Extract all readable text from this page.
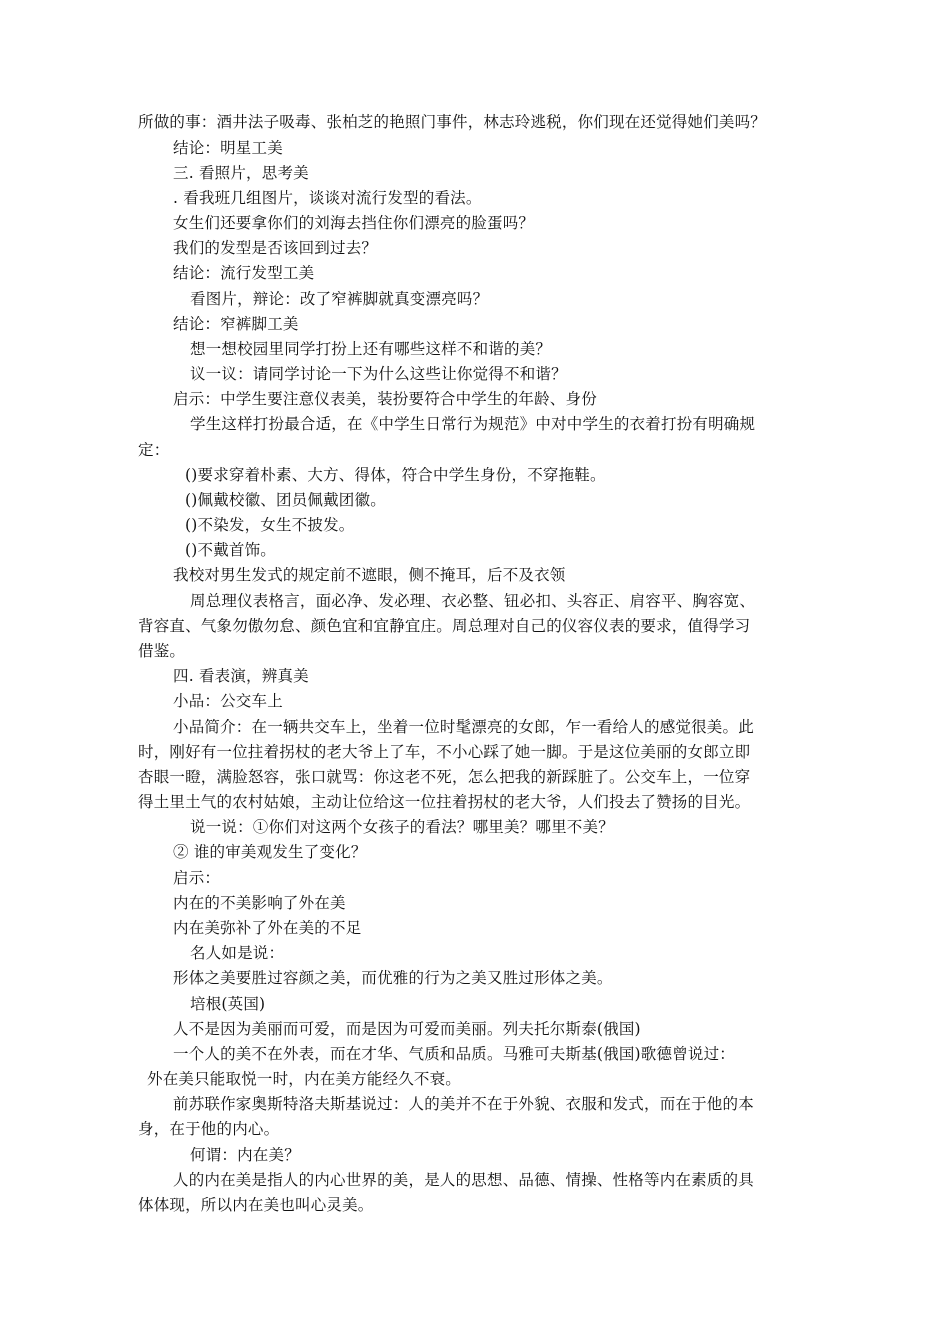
所做的事：酒井法子吸毒、张柏芝的艳照门事件，林志玲逃税，你们现在还觉得她们美吗？
结论：明星工美
三. 看照片，思考美
. 看我班几组图片，谈谈对流行发型的看法。
女生们还要拿你们的刘海去挡住你们漂亮的脸蛋吗？
我们的发型是否该回到过去？
结论：流行发型工美
看图片，辩论：改了窄裤脚就真变漂亮吗？
结论：窄裤脚工美
想一想校园里同学打扮上还有哪些这样不和谐的美？
议一议：请同学讨论一下为什么这些让你觉得不和谐？
启示：中学生要注意仪表美，装扮要符合中学生的年龄、身份
学生这样打扮最合适，在《中学生日常行为规范》中对中学生的衣着打扮有明确规
定：
()要求穿着朴素、大方、得体，符合中学生身份，不穿拖鞋。
()佩戴校徽、团员佩戴团徽。
()不染发，女生不披发。
()不戴首饰。
我校对男生发式的规定前不遮眼，侧不掩耳，后不及衣领
周总理仪表格言，面必净、发必理、衣必整、钮必扣、头容正、肩容平、胸容宽、
背容直、气象勿傲勿怠、颜色宜和宜静宜庄。周总理对自己的仪容仪表的要求，值得学习
借鉴。
四. 看表演，辨真美
小品：公交车上
小品简介：在一辆共交车上，坐着一位时髦漂亮的女郎，乍一看给人的感觉很美。此
时，刚好有一位拄着拐杖的老大爷上了车，不小心踩了她一脚。于是这位美丽的女郎立即
杏眼一瞪，满脸怒容，张口就骂：你这老不死，怎么把我的新踩脏了。公交车上，一位穿
得土里土气的农村姑娘，主动让位给这一位拄着拐杖的老大爷，人们投去了赞扬的目光。
说一说：①你们对这两个女孩子的看法？哪里美？哪里不美？
② 谁的审美观发生了变化？
启示：
内在的不美影响了外在美
内在美弥补了外在美的不足
名人如是说：
形体之美要胜过容颜之美，而优雅的行为之美又胜过形体之美。
培根(英国)
人不是因为美丽而可爱，而是因为可爱而美丽。列夫托尔斯泰(俄国)
一个人的美不在外表，而在才华、气质和品质。马雅可夫斯基(俄国)歌德曾说过：
外在美只能取悦一时，内在美方能经久不衰。
前苏联作家奥斯特洛夫斯基说过：人的美并不在于外貌、衣服和发式，而在于他的本
身，在于他的内心。
何谓：内在美？
人的内在美是指人的内心世界的美，是人的思想、品德、情操、性格等内在素质的具
体体现，所以内在美也叫心灵美。
